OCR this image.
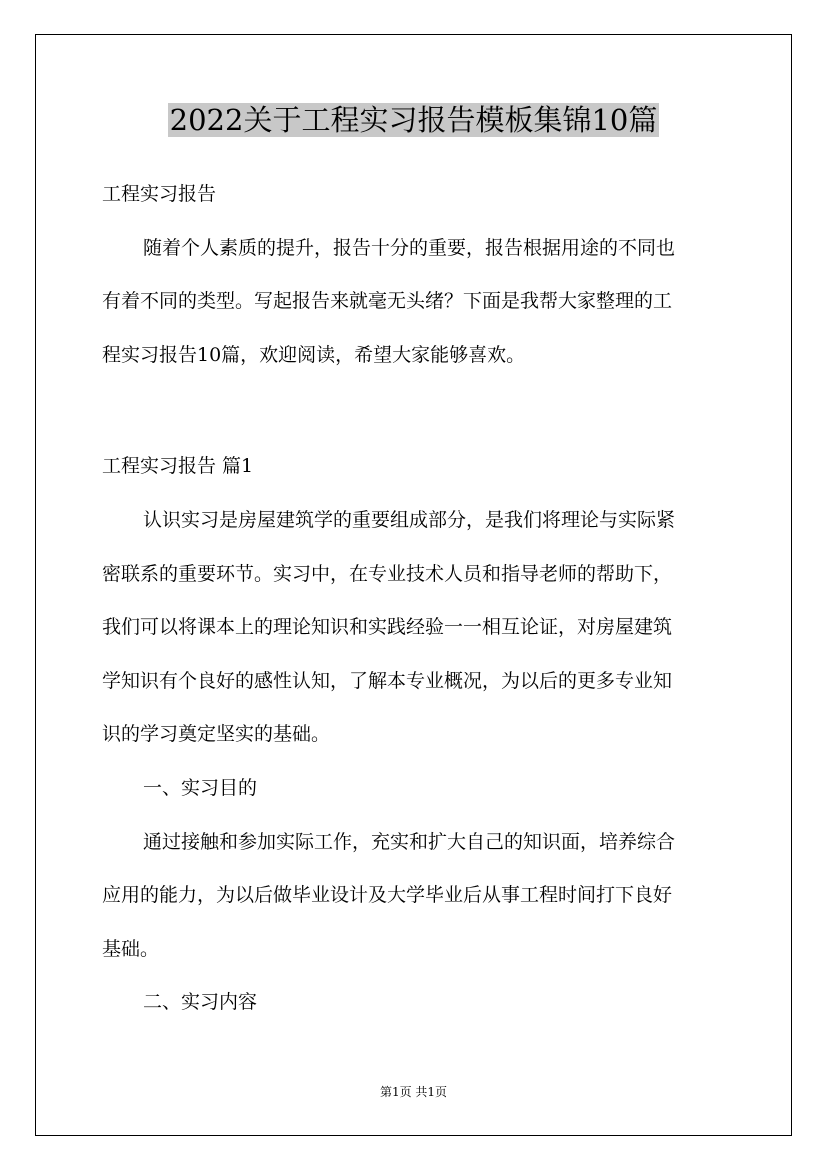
2022关于工程实习报告模板集锦10篇

工程实习报告

随着个人素质的提升，报告十分的重要，报告根据用途的不同也

有着不同的类型。写起报告来就毫无头绪？下面是我帮大家整理的工

程实习报告10篇，欢迎阅读，希望大家能够喜欢。

工程实习报告 篇1

认识实习是房屋建筑学的重要组成部分，是我们将理论与实际紧

密联系的重要环节。实习中，在专业技术人员和指导老师的帮助下，

我们可以将课本上的理论知识和实践经验一一相互论证，对房屋建筑

学知识有个良好的感性认知，了解本专业概况，为以后的更多专业知

识的学习奠定坚实的基础。

一、实习目的

通过接触和参加实际工作，充实和扩大自己的知识面，培养综合

应用的能力，为以后做毕业设计及大学毕业后从事工程时间打下良好

基础。

二、实习内容

第1页 共1页
